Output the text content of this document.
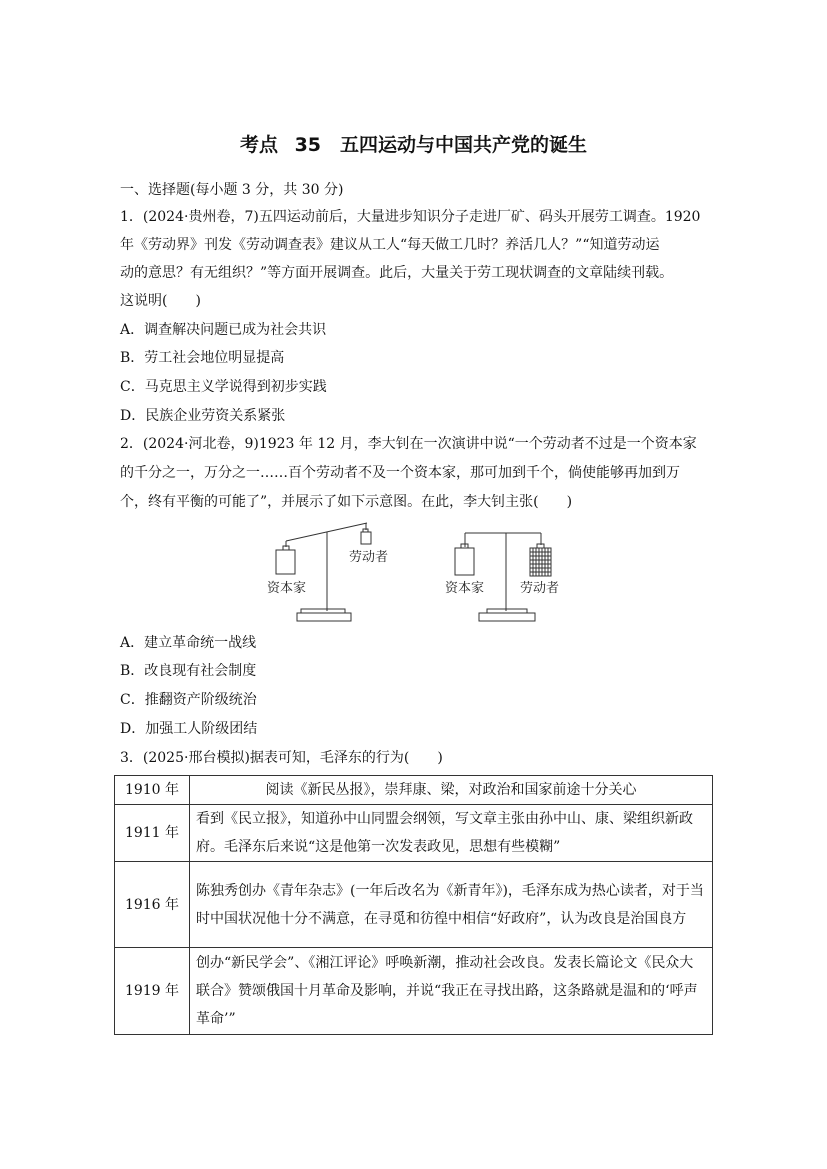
考点 35　五四运动与中国共产党的诞生
一、选择题(每小题 3 分，共 30 分)
1．(2024·贵州卷，7)五四运动前后，大量进步知识分子走进厂矿、码头开展劳工调查。1920
年《劳动界》刊发《劳动调查表》建议从工人“每天做工几时？养活几人？”“知道劳动运
动的意思？有无组织？”等方面开展调查。此后，大量关于劳工现状调查的文章陆续刊载。
这说明(　　)
A．调查解决问题已成为社会共识
B．劳工社会地位明显提高
C．马克思主义学说得到初步实践
D．民族企业劳资关系紧张
2．(2024·河北卷，9)1923 年 12 月，李大钊在一次演讲中说“一个劳动者不过是一个资本家
的千分之一，万分之一……百个劳动者不及一个资本家，那可加到千个，倘使能够再加到万
个，终有平衡的可能了”，并展示了如下示意图。在此，李大钊主张(　　)
资本家
劳动者
资本家	劳动者
A．建立革命统一战线
B．改良现有社会制度
C．推翻资产阶级统治
D．加强工人阶级团结
3．(2025·邢台模拟)据表可知，毛泽东的行为(　　)
1910 年	阅读《新民丛报》，崇拜康、梁，对政治和国家前途十分关心
1911 年	看到《民立报》，知道孙中山同盟会纲领，写文章主张由孙中山、康、梁组织新政府。毛泽东后来说“这是他第一次发表政见，思想有些模糊”
1916 年	陈独秀创办《青年杂志》(一年后改名为《新青年》)，毛泽东成为热心读者，对于当时中国状况他十分不满意，在寻觅和彷徨中相信“好政府”，认为改良是治国良方
1919 年	创办“新民学会”、《湘江评论》呼唤新潮，推动社会改良。发表长篇论文《民众大联合》赞颂俄国十月革命及影响，并说“我正在寻找出路，这条路就是温和的‘呼声革命’”
